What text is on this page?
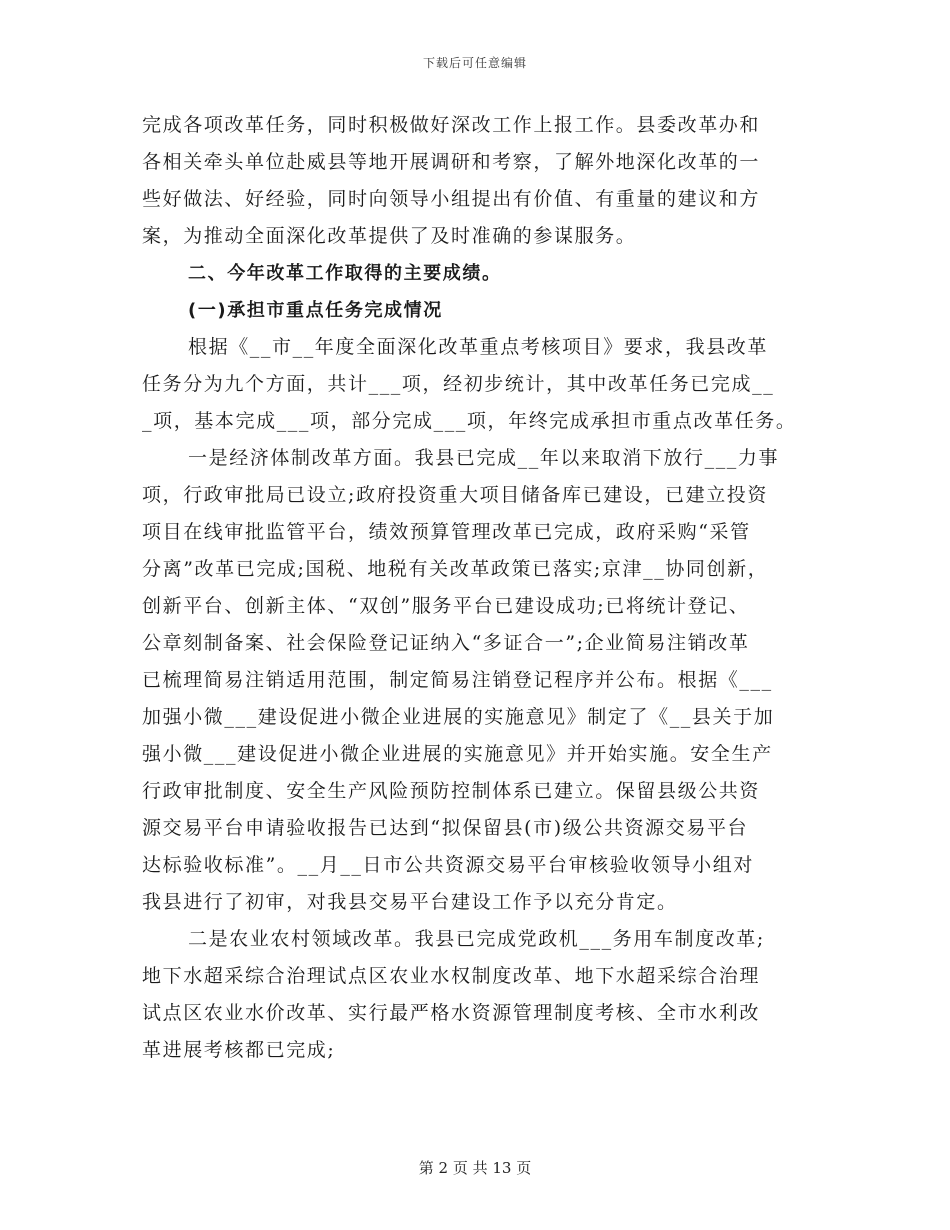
下载后可任意编辑
完成各项改革任务，同时积极做好深改工作上报工作。县委改革办和
各相关牵头单位赴威县等地开展调研和考察，了解外地深化改革的一
些好做法、好经验，同时向领导小组提出有价值、有重量的建议和方
案，为推动全面深化改革提供了及时准确的参谋服务。
二、今年改革工作取得的主要成绩。
(一)承担市重点任务完成情况
根据《__市__年度全面深化改革重点考核项目》要求，我县改革
任务分为九个方面，共计___项，经初步统计，其中改革任务已完成__
_项，基本完成___项，部分完成___项，年终完成承担市重点改革任务。
一是经济体制改革方面。我县已完成__年以来取消下放行___力事
项，行政审批局已设立;政府投资重大项目储备库已建设，已建立投资
项目在线审批监管平台，绩效预算管理改革已完成，政府采购“采管
分离”改革已完成;国税、地税有关改革政策已落实;京津__协同创新，
创新平台、创新主体、“双创”服务平台已建设成功;已将统计登记、
公章刻制备案、社会保险登记证纳入“多证合一”;企业简易注销改革
已梳理简易注销适用范围，制定简易注销登记程序并公布。根据《___
加强小微___建设促进小微企业进展的实施意见》制定了《__县关于加
强小微___建设促进小微企业进展的实施意见》并开始实施。安全生产
行政审批制度、安全生产风险预防控制体系已建立。保留县级公共资
源交易平台申请验收报告已达到“拟保留县(市)级公共资源交易平台
达标验收标准”。__月__日市公共资源交易平台审核验收领导小组对
我县进行了初审，对我县交易平台建设工作予以充分肯定。
二是农业农村领域改革。我县已完成党政机___务用车制度改革;
地下水超采综合治理试点区农业水权制度改革、地下水超采综合治理
试点区农业水价改革、实行最严格水资源管理制度考核、全市水利改
革进展考核都已完成;
第 2 页 共 13 页
